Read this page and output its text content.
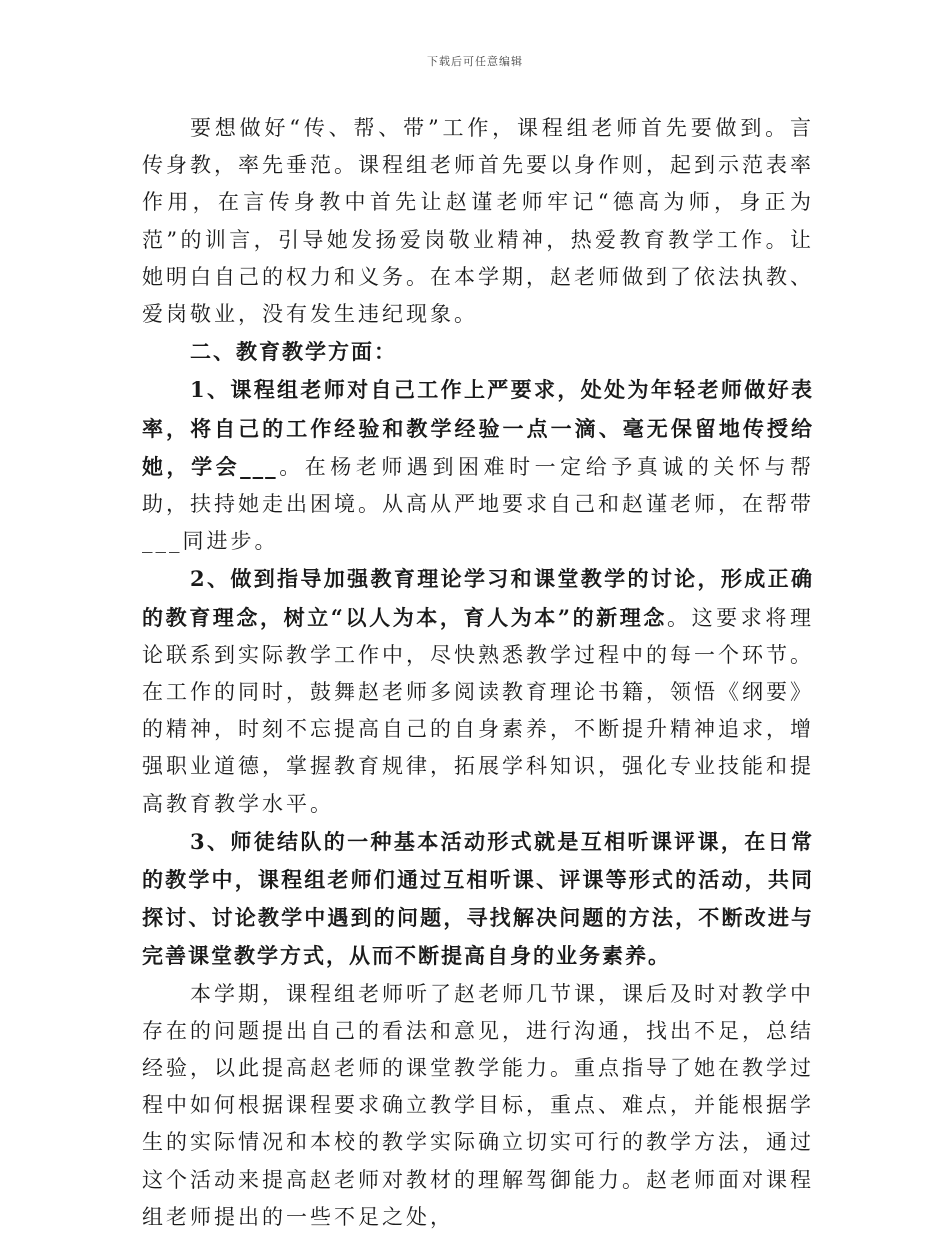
下载后可任意编辑

要想做好“传、帮、带”工作，课程组老师首先要做到。言传身教，率先垂范。课程组老师首先要以身作则，起到示范表率作用，在言传身教中首先让赵谨老师牢记“德高为师，身正为范”的训言，引导她发扬爱岗敬业精神，热爱教育教学工作。让她明白自己的权力和义务。在本学期，赵老师做到了依法执教、爱岗敬业，没有发生违纪现象。

二、教育教学方面：

1、课程组老师对自己工作上严要求，处处为年轻老师做好表率，将自己的工作经验和教学经验一点一滴、毫无保留地传授给她，学会___。在杨老师遇到困难时一定给予真诚的关怀与帮助，扶持她走出困境。从高从严地要求自己和赵谨老师，在帮带___同进步。

2、做到指导加强教育理论学习和课堂教学的讨论，形成正确的教育理念，树立“以人为本，育人为本”的新理念。这要求将理论联系到实际教学工作中，尽快熟悉教学过程中的每一个环节。在工作的同时，鼓舞赵老师多阅读教育理论书籍，领悟《纲要》的精神，时刻不忘提高自己的自身素养，不断提升精神追求，增强职业道德，掌握教育规律，拓展学科知识，强化专业技能和提高教育教学水平。

3、师徒结队的一种基本活动形式就是互相听课评课，在日常的教学中，课程组老师们通过互相听课、评课等形式的活动，共同探讨、讨论教学中遇到的问题，寻找解决问题的方法，不断改进与完善课堂教学方式，从而不断提高自身的业务素养。

本学期，课程组老师听了赵老师几节课，课后及时对教学中存在的问题提出自己的看法和意见，进行沟通，找出不足，总结经验，以此提高赵老师的课堂教学能力。重点指导了她在教学过程中如何根据课程要求确立教学目标，重点、难点，并能根据学生的实际情况和本校的教学实际确立切实可行的教学方法，通过这个活动来提高赵老师对教材的理解驾御能力。赵老师面对课程组老师提出的一些不足之处，
